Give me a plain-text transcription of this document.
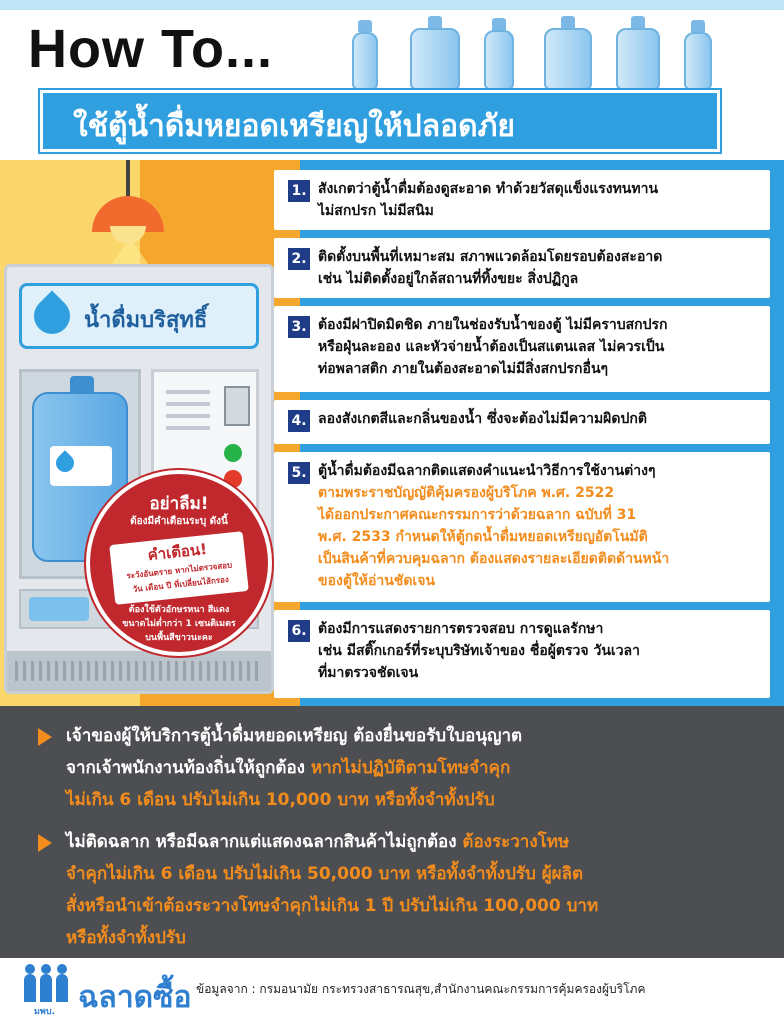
How To...
ใช้ตู้น้ำดื่มหยอดเหรียญให้ปลอดภัย
น้ำดื่มบริสุทธิ์
อย่าลืม!
ต้องมีคำเตือนระบุ ดังนี้
คำเตือน!
ระวังอันตราย หากไม่ตรวจสอบ
วัน เดือน ปี ที่เปลี่ยนไส้กรอง
ต้องใช้ตัวอักษรหนา สีแดง
ขนาดไม่ต่ำกว่า 1 เซนติเมตร
บนพื้นสีขาวนะคะ
1. สังเกตว่าตู้น้ำดื่มต้องดูสะอาด ทำด้วยวัสดุแข็งแรงทนทาน
ไม่สกปรก ไม่มีสนิม
2. ติดตั้งบนพื้นที่เหมาะสม สภาพแวดล้อมโดยรอบต้องสะอาด
เช่น ไม่ติดตั้งอยู่ใกล้สถานที่ทิ้งขยะ สิ่งปฏิกูล
3. ต้องมีฝาปิดมิดชิด ภายในช่องรับน้ำของตู้ ไม่มีคราบสกปรก
หรือฝุ่นละออง และหัวจ่ายน้ำต้องเป็นสแตนเลส ไม่ควรเป็น
ท่อพลาสติก ภายในต้องสะอาดไม่มีสิ่งสกปรกอื่นๆ
4. ลองสังเกตสีและกลิ่นของน้ำ ซึ่งจะต้องไม่มีความผิดปกติ
5. ตู้น้ำดื่มต้องมีฉลากติดแสดงคำแนะนำวิธีการใช้งานต่างๆ
ตามพระราชบัญญัติคุ้มครองผู้บริโภค พ.ศ. 2522
ได้ออกประกาศคณะกรรมการว่าด้วยฉลาก ฉบับที่ 31
พ.ศ. 2533 กำหนดให้ตู้กดน้ำดื่มหยอดเหรียญอัตโนมัติ
เป็นสินค้าที่ควบคุมฉลาก ต้องแสดงรายละเอียดติดด้านหน้า
ของตู้ให้อ่านชัดเจน
6. ต้องมีการแสดงรายการตรวจสอบ การดูแลรักษา
เช่น มีสติ๊กเกอร์ที่ระบุบริษัทเจ้าของ ชื่อผู้ตรวจ วันเวลา
ที่มาตรวจชัดเจน
เจ้าของผู้ให้บริการตู้น้ำดื่มหยอดเหรียญ ต้องยื่นขอรับใบอนุญาต
จากเจ้าพนักงานท้องถิ่นให้ถูกต้อง หากไม่ปฏิบัติตามโทษจำคุก
ไม่เกิน 6 เดือน ปรับไม่เกิน 10,000 บาท หรือทั้งจำทั้งปรับ
ไม่ติดฉลาก หรือมีฉลากแต่แสดงฉลากสินค้าไม่ถูกต้อง ต้องระวางโทษ
จำคุกไม่เกิน 6 เดือน ปรับไม่เกิน 50,000 บาท หรือทั้งจำทั้งปรับ ผู้ผลิต
สั่งหรือนำเข้าต้องระวางโทษจำคุกไม่เกิน 1 ปี ปรับไม่เกิน 100,000 บาท
หรือทั้งจำทั้งปรับ
มพบ. ฉลาดซื้อ ข้อมูลจาก : กรมอนามัย กระทรวงสาธารณสุข,สำนักงานคณะกรรมการคุ้มครองผู้บริโภค
